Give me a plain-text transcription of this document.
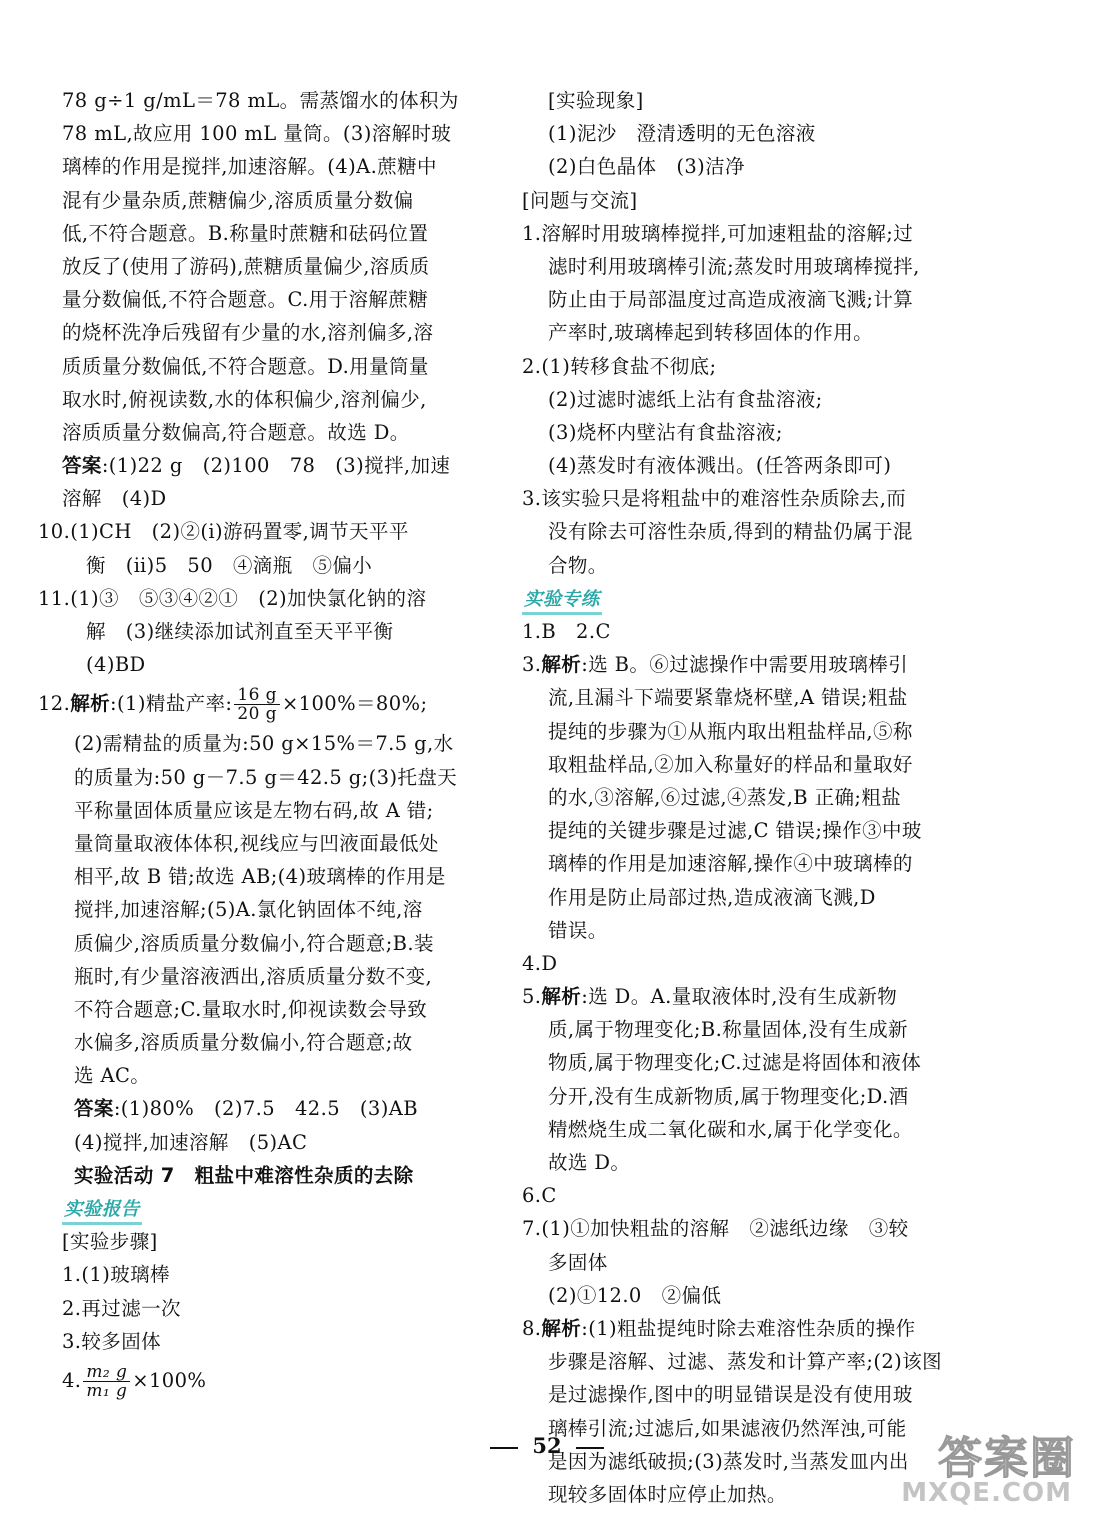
78 g÷1 g/mL＝78 mL。需蒸馏水的体积为
78 mL,故应用 100 mL 量筒。(3)溶解时玻
璃棒的作用是搅拌,加速溶解。(4)A.蔗糖中
混有少量杂质,蔗糖偏少,溶质质量分数偏
低,不符合题意。B.称量时蔗糖和砝码位置
放反了(使用了游码),蔗糖质量偏少,溶质质
量分数偏低,不符合题意。C.用于溶解蔗糖
的烧杯洗净后残留有少量的水,溶剂偏多,溶
质质量分数偏低,不符合题意。D.用量筒量
取水时,俯视读数,水的体积偏少,溶剂偏少,
溶质质量分数偏高,符合题意。故选 D。
答案:(1)22 g　(2)100　78　(3)搅拌,加速
溶解　(4)D
10.(1)CH　(2)②(ⅰ)游码置零,调节天平平
衡　(ⅱ)5　50　④滴瓶　⑤偏小
11.(1)③　⑤③④②①　(2)加快氯化钠的溶
解　(3)继续添加试剂直至天平平衡
(4)BD
12.解析:(1)精盐产率: $\frac{16 g}{20 g} \times 100\%=80\%$;
(2)需精盐的质量为:50 g×15%＝7.5 g,水
的质量为:50 g－7.5 g＝42.5 g;(3)托盘天
平称量固体质量应该是左物右码,故 A 错;
量筒量取液体体积,视线应与凹液面最低处
相平,故 B 错;故选 AB;(4)玻璃棒的作用是
搅拌,加速溶解;(5)A.氯化钠固体不纯,溶
质偏少,溶质质量分数偏小,符合题意;B.装
瓶时,有少量溶液洒出,溶质质量分数不变,
不符合题意;C.量取水时,仰视读数会导致
水偏多,溶质质量分数偏小,符合题意;故
选 AC。
答案:(1)80%　(2)7.5　42.5　(3)AB
(4)搅拌,加速溶解　(5)AC
实验活动 7　粗盐中难溶性杂质的去除
实验报告
[实验步骤]
1.(1)玻璃棒
2.再过滤一次
3.较多固体
4. $\frac{\text{m₂ g}}{\text{m₁ g}} \times 100\%$
[实验现象]
(1)泥沙　澄清透明的无色溶液
(2)白色晶体　(3)洁净
[问题与交流]
1.溶解时用玻璃棒搅拌,可加速粗盐的溶解;过
滤时利用玻璃棒引流;蒸发时用玻璃棒搅拌,
防止由于局部温度过高造成液滴飞溅;计算
产率时,玻璃棒起到转移固体的作用。
2.(1)转移食盐不彻底;
(2)过滤时滤纸上沾有食盐溶液;
(3)烧杯内壁沾有食盐溶液;
(4)蒸发时有液体溅出。(任答两条即可)
3.该实验只是将粗盐中的难溶性杂质除去,而
没有除去可溶性杂质,得到的精盐仍属于混
合物。
实验专练
1.B　2.C
3.解析:选 B。⑥过滤操作中需要用玻璃棒引
流,且漏斗下端要紧靠烧杯壁,A 错误;粗盐
提纯的步骤为①从瓶内取出粗盐样品,⑤称
取粗盐样品,②加入称量好的样品和量取好
的水,③溶解,⑥过滤,④蒸发,B 正确;粗盐
提纯的关键步骤是过滤,C 错误;操作③中玻
璃棒的作用是加速溶解,操作④中玻璃棒的
作用是防止局部过热,造成液滴飞溅,D
错误。
4.D
5.解析:选 D。A.量取液体时,没有生成新物
质,属于物理变化;B.称量固体,没有生成新
物质,属于物理变化;C.过滤是将固体和液体
分开,没有生成新物质,属于物理变化;D.酒
精燃烧生成二氧化碳和水,属于化学变化。
故选 D。
6.C
7.(1)①加快粗盐的溶解　②滤纸边缘　③较
多固体
(2)①12.0　②偏低
8.解析:(1)粗盐提纯时除去难溶性杂质的操作
步骤是溶解、过滤、蒸发和计算产率;(2)该图
是过滤操作,图中的明显错误是没有使用玻
璃棒引流;过滤后,如果滤液仍然浑浊,可能
是因为滤纸破损;(3)蒸发时,当蒸发皿内出
现较多固体时应停止加热。
52	答案圈
MXQE.COM
